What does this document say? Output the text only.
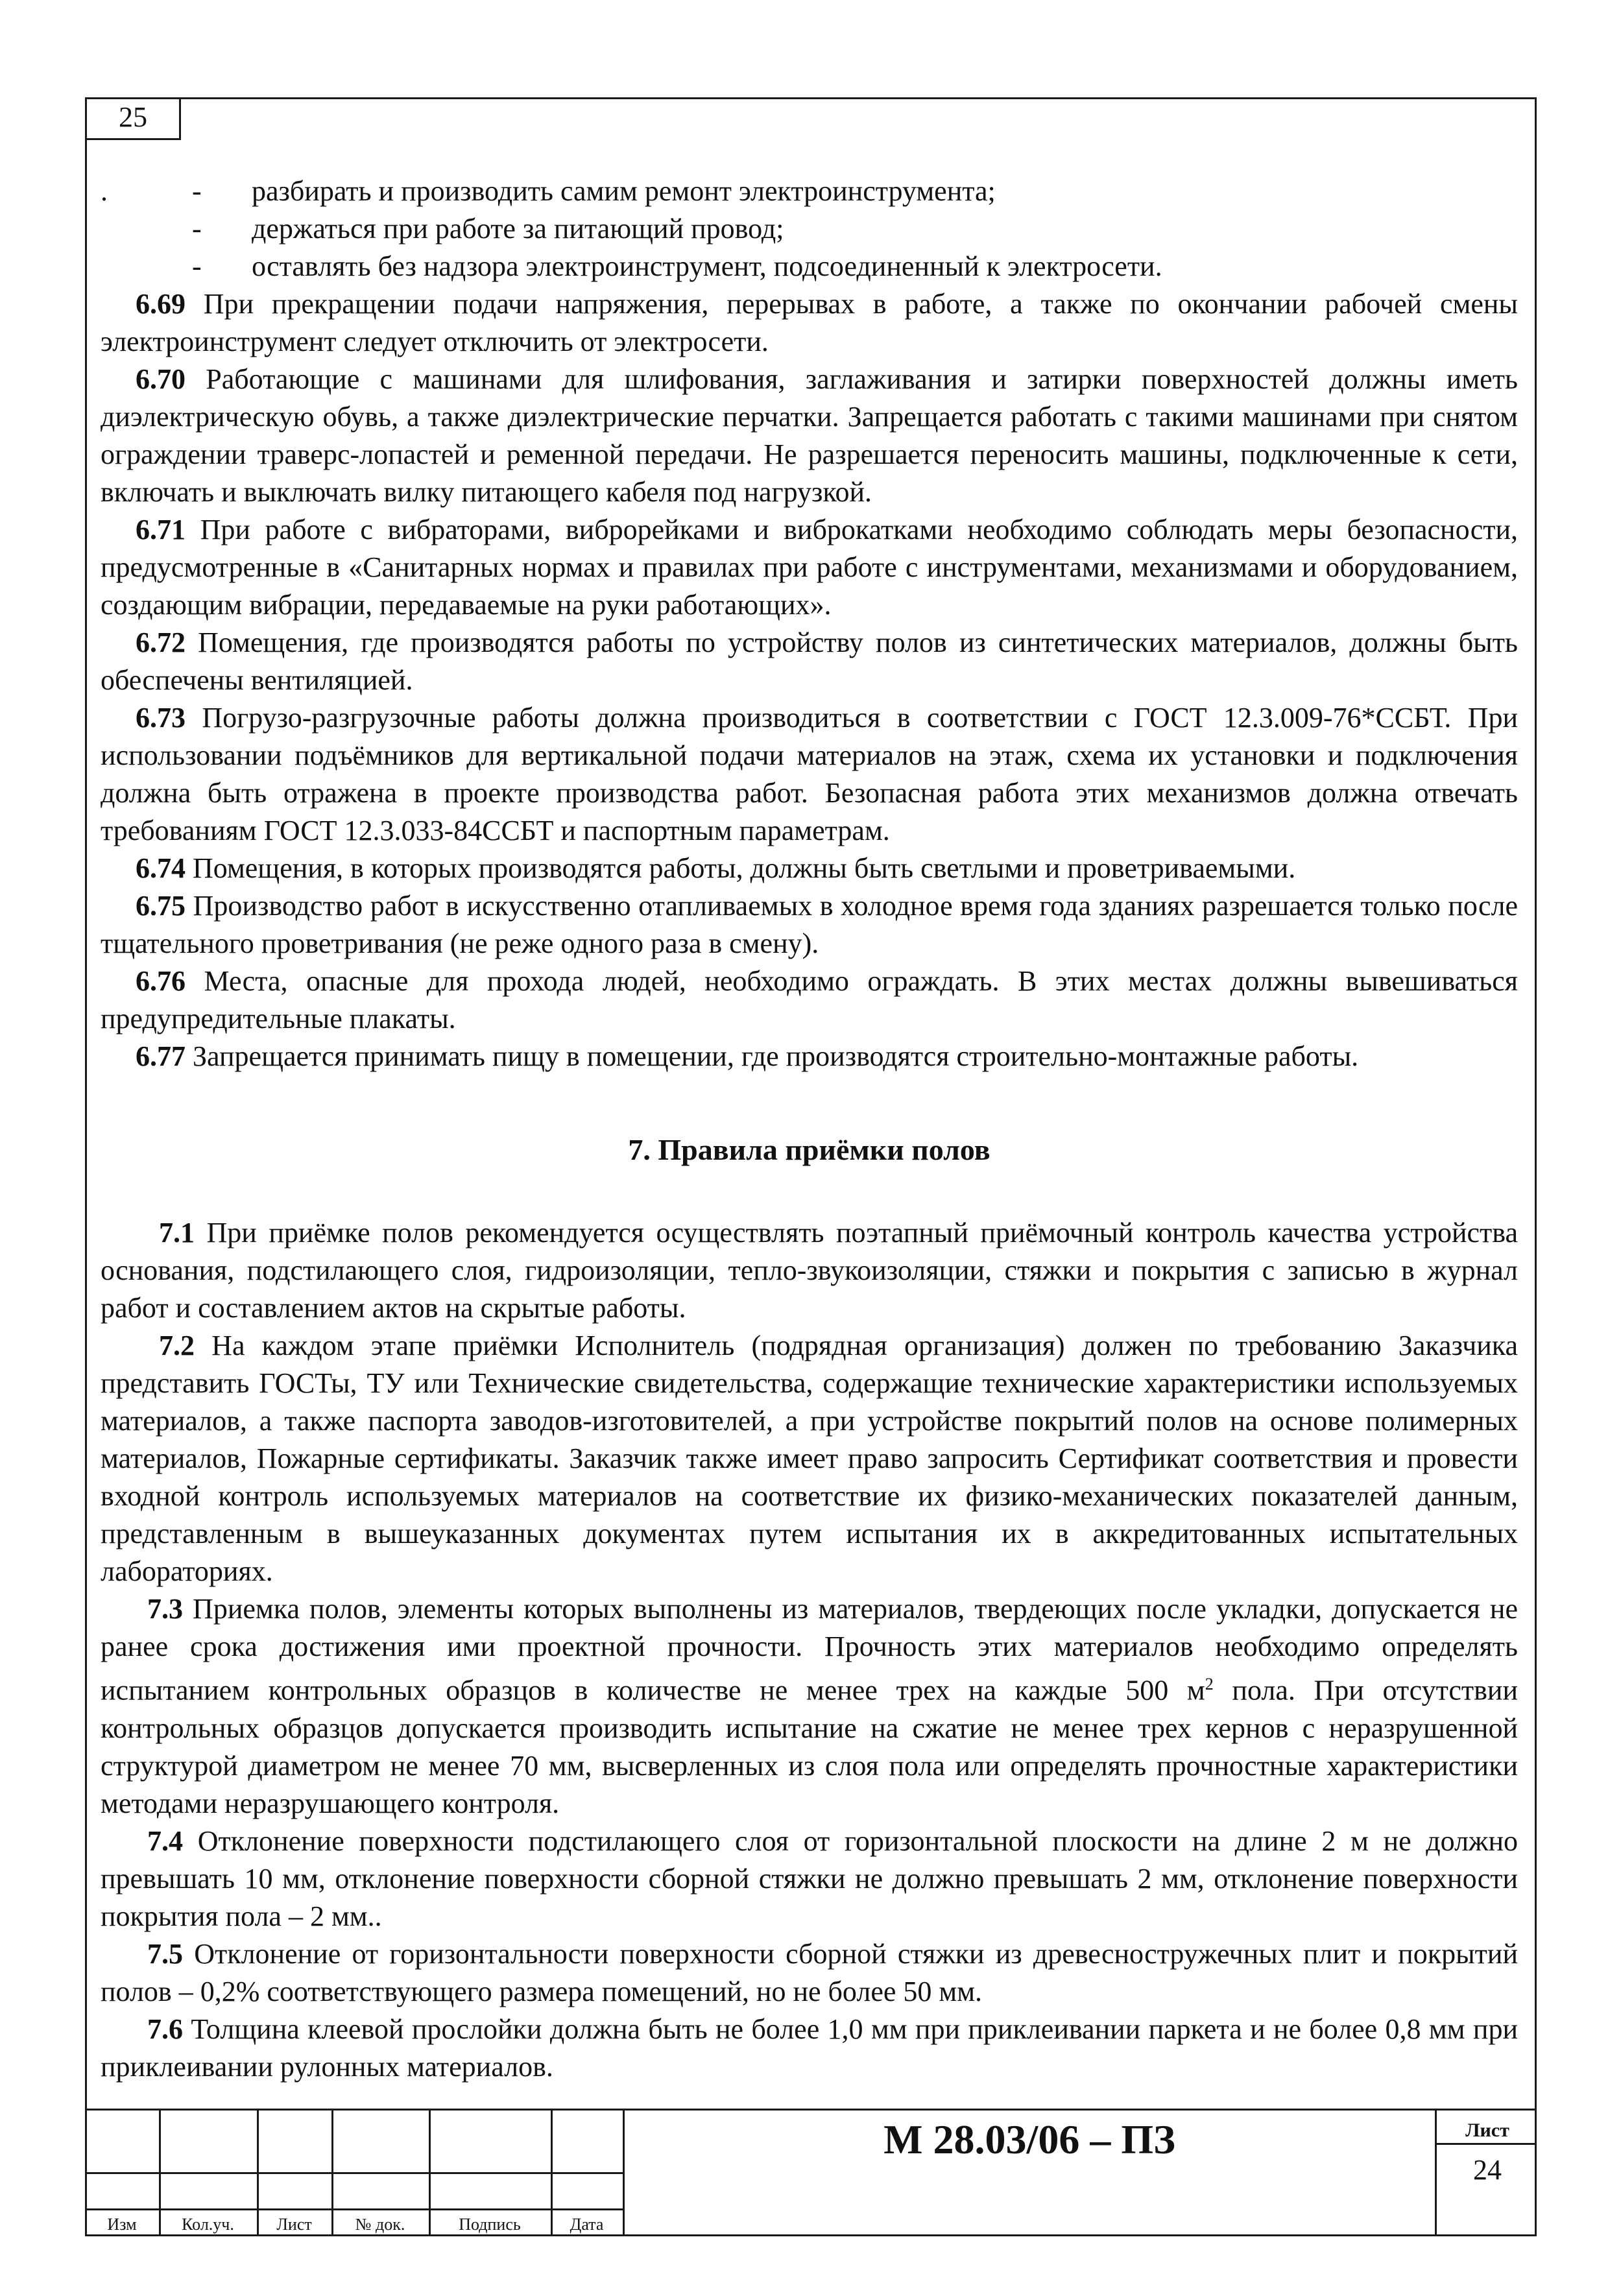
25
.	- разбирать и производить самим ремонт электроинструмента;
- держаться при работе за питающий провод;
- оставлять без надзора электроинструмент, подсоединенный к электросети.

6.69 При прекращении подачи напряжения, перерывах в работе, а также по окончании рабочей смены электроинструмент следует отключить от электросети.

6.70 Работающие с машинами для шлифования, заглаживания и затирки поверхностей должны иметь диэлектрическую обувь, а также диэлектрические перчатки. Запрещается работать с такими машинами при снятом ограждении траверс-лопастей и ременной передачи. Не разрешается переносить машины, подключенные к сети, включать и выключать вилку питающего кабеля под нагрузкой.

6.71 При работе с вибраторами, виброрейками и виброкатками необходимо соблюдать меры безопасности, предусмотренные в «Санитарных нормах и правилах при работе с инструментами, механизмами и оборудованием, создающим вибрации, передаваемые на руки работающих».

6.72 Помещения, где производятся работы по устройству полов из синтетических материалов, должны быть обеспечены вентиляцией.

6.73 Погрузо-разгрузочные работы должна производиться в соответствии с ГОСТ 12.3.009-76*ССБТ. При использовании подъёмников для вертикальной подачи материалов на этаж, схема их установки и подключения должна быть отражена в проекте производства работ. Безопасная работа этих механизмов должна отвечать требованиям ГОСТ 12.3.033-84ССБТ и паспортным параметрам.

6.74 Помещения, в которых производятся работы, должны быть светлыми и проветриваемыми.

6.75 Производство работ в искусственно отапливаемых в холодное время года зданиях разрешается только после тщательного проветривания (не реже одного раза в смену).

6.76 Места, опасные для прохода людей, необходимо ограждать. В этих местах должны вывешиваться предупредительные плакаты.

6.77 Запрещается принимать пищу в помещении, где производятся строительно-монтажные работы.

7. Правила приёмки полов

7.1 При приёмке полов рекомендуется осуществлять поэтапный приёмочный контроль качества устройства основания, подстилающего слоя, гидроизоляции, тепло-звукоизоляции, стяжки и покрытия с записью в журнал работ и составлением актов на скрытые работы.

7.2 На каждом этапе приёмки Исполнитель (подрядная организация) должен по требованию Заказчика представить ГОСТы, ТУ или Технические свидетельства, содержащие технические характеристики используемых материалов, а также паспорта заводов-изготовителей, а при устройстве покрытий полов на основе полимерных материалов, Пожарные сертификаты. Заказчик также имеет право запросить Сертификат соответствия и провести входной контроль используемых материалов на соответствие их физико-механических показателей данным, представленным в вышеуказанных документах путем испытания их в аккредитованных испытательных лабораториях.

7.3 Приемка полов, элементы которых выполнены из материалов, твердеющих после укладки, допускается не ранее срока достижения ими проектной прочности. Прочность этих материалов необходимо определять испытанием контрольных образцов в количестве не менее трех на каждые 500 $м^2$ пола. При отсутствии контрольных образцов допускается производить испытание на сжатие не менее трех кернов с неразрушенной структурой диаметром не менее 70 мм, высверленных из слоя пола или определять прочностные характеристики методами неразрушающего контроля.

7.4 Отклонение поверхности подстилающего слоя от горизонтальной плоскости на длине 2 м не должно превышать 10 мм, отклонение поверхности сборной стяжки не должно превышать 2 мм, отклонение поверхности покрытия пола – 2 мм..

7.5 Отклонение от горизонтальности поверхности сборной стяжки из древесностружечных плит и покрытий полов – 0,2% соответствующего размера помещений, но не более 50 мм.

7.6 Толщина клеевой прослойки должна быть не более 1,0 мм при приклеивании паркета и не более 0,8 мм при приклеивании рулонных материалов.

Изм	Кол.уч.	Лист	№ док.	Подпись	Дата
М 28.03/06 – ПЗ	Лист
24
